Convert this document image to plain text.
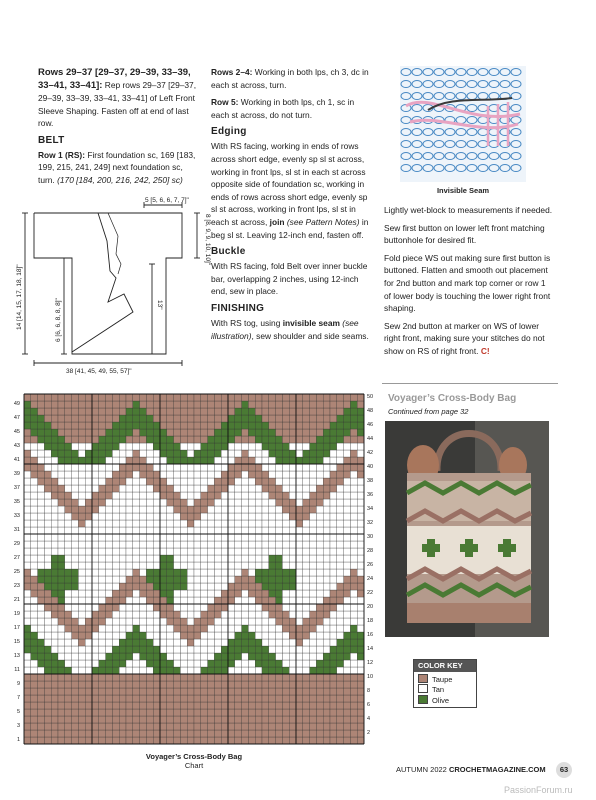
Rows 29–37 [29–37, 29–39, 33–39, 33–41, 33–41]: Rep rows 29–37 [29–37, 29–39, 33–39, 33–41, 33–41] of Left Front Sleeve Shaping. Fasten off at end of last row.

BELT

Row 1 (RS): First foundation sc, 169 [183, 199, 215, 241, 249] next foundation sc, turn. (170 [184, 200, 216, 242, 250] sc)

5 [5, 6, 6, 7, 7]"
14 [14, 15, 17, 18, 18]"	6 [6, 6, 8, 8, 8]"
8 [8, 9, 9, 10, 10]"
13"
38 [41, 45, 49, 55, 57]"

Rows 2–4: Working in both lps, ch 3, dc in each st across, turn.

Row 5: Working in both lps, ch 1, sc in each st across, do not turn.

Edging

With RS facing, working in ends of rows across short edge, evenly sp sl st across, working in front lps, sl st in each st across opposite side of foundation sc, working in ends of rows across short edge, evenly sp sl st across, working in front lps, sl st in each st across, join (see Pattern Notes) in beg sl st. Leaving 12-inch end, fasten off.

Buckle

With RS facing, fold Belt over inner buckle bar, overlapping 2 inches, using 12-inch end, sew in place.

FINISHING

With RS tog, using invisible seam (see illustration), sew shoulder and side seams.

Invisible Seam

Lightly wet-block to measurements if needed.

Sew first button on lower left front matching buttonhole for desired fit.

Fold piece WS out making sure first button is buttoned. Flatten and smooth out placement for 2nd button and mark top corner or row 1 of lower body is touching the lower right front shaping.

Sew 2nd button at marker on WS of lower right front, making sure your stitches do not show on RS of right front. C!

49
47
45
43
41
39
37
35
33
31
29
27
25
23
21
19
17
15
13
11
9
7
5
3
1
50
48
46
44
42
40
38
36
34
32
30
28
26
24
22
20
18
16
14
12
10
8
6
4
2
Voyager’s Cross-Body Bag
Chart
Voyager’s Cross-Body Bag
Continued from page 32
COLOR KEY
Taupe
Tan
Olive
AUTUMN 2022 CROCHETMAGAZINE.COM	63
PassionForum.ru
